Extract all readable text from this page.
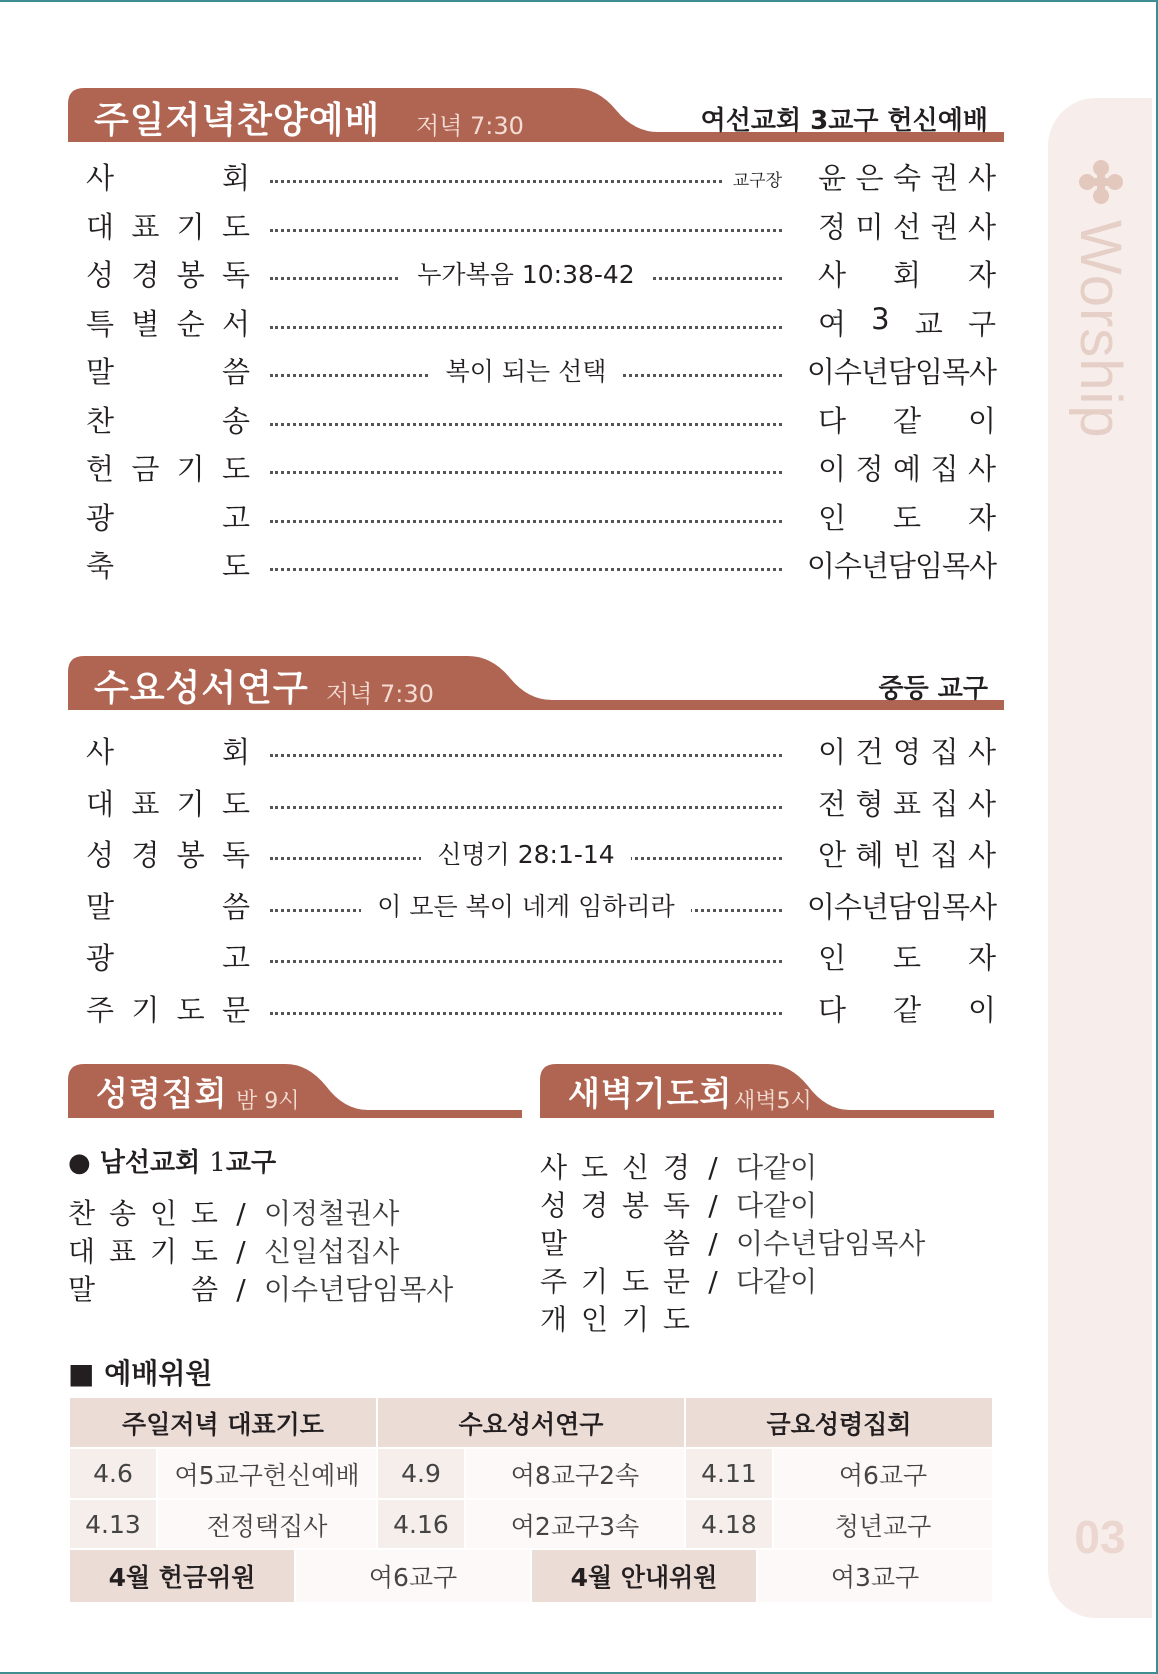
Worship
03
주일저녁찬양예배 저녁 7:30	여선교회 3교구 헌신예배
사	회	교구장 윤 은 숙 권 사
대 표 기 도	정 미 선 권 사
성 경 봉 독	누가복음 10:38-42	사 회 자
특 별 순 서	여 3 교 구
말	씀	복이 되는 선택	이수년담임목사
찬	송	다 같 이
헌 금 기 도	이 정 예 집 사
광	고	인 도 자
축	도	이수년담임목사
수요성서연구 저녁 7:30	중등 교구
사	회	이 건 영 집 사
대 표 기 도	전 형 표 집 사
성 경 봉 독	신명기 28:1-14	안 혜 빈 집 사
말	씀	이 모든 복이 네게 임하리라	이수년담임목사
광	고	인 도 자
주 기 도 문	다 같 이
성령집회 밤 9시	새벽기도회 새벽5시
● 남선교회 1교구
찬 송 인 도 / 이정철권사
대 표 기 도 / 신일섭집사
말	씀 / 이수년담임목사
사 도 신 경 / 다같이
성 경 봉 독 / 다같이
말	씀 / 이수년담임목사
주 기 도 문 / 다같이
개 인 기 도
■ 예배위원
주일저녁 대표기도		수요성서연구		금요성령집회	
4.6	여5교구헌신예배	4.9	여8교구2속	4.11	여6교구
4.13	전정택집사	4.16	여2교구3속	4.18	청년교구
4월 헌금위원	여6교구	4월 안내위원	여3교구
